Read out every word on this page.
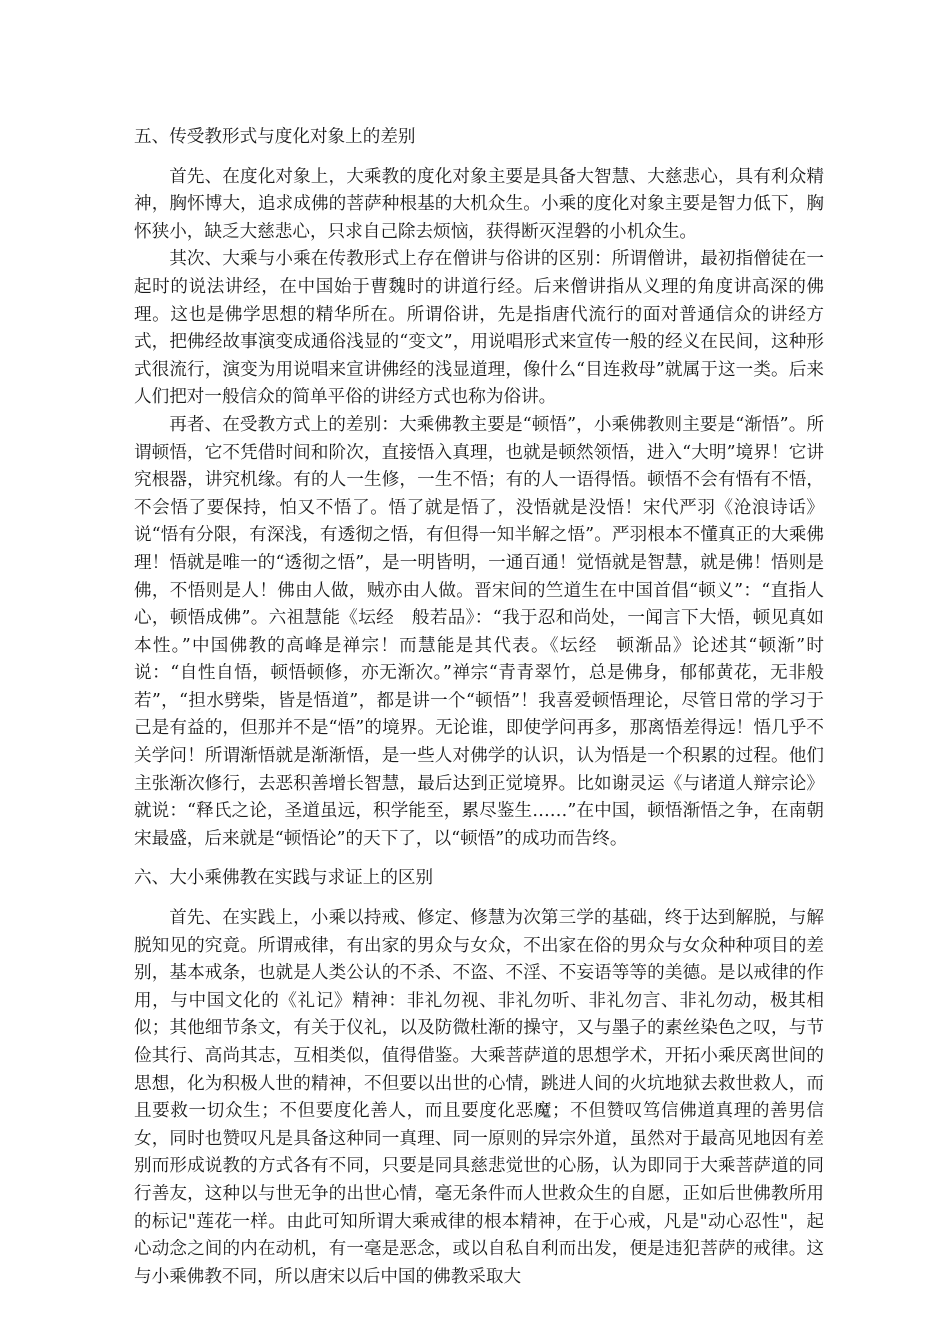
五、传受教形式与度化对象上的差别

首先、在度化对象上，大乘教的度化对象主要是具备大智慧、大慈悲心，具有利众精神，胸怀博大，追求成佛的菩萨种根基的大机众生。小乘的度化对象主要是智力低下，胸怀狭小，缺乏大慈悲心，只求自己除去烦恼，获得断灭涅磐的小机众生。

其次、大乘与小乘在传教形式上存在僧讲与俗讲的区别：所谓僧讲，最初指僧徒在一起时的说法讲经，在中国始于曹魏时的讲道行经。后来僧讲指从义理的角度讲高深的佛理。这也是佛学思想的精华所在。所谓俗讲，先是指唐代流行的面对普通信众的讲经方式，把佛经故事演变成通俗浅显的“变文”，用说唱形式来宣传一般的经义在民间，这种形式很流行，演变为用说唱来宣讲佛经的浅显道理，像什么“目连救母”就属于这一类。后来人们把对一般信众的简单平俗的讲经方式也称为俗讲。

再者、在受教方式上的差别：大乘佛教主要是“顿悟”，小乘佛教则主要是“渐悟”。所谓顿悟，它不凭借时间和阶次，直接悟入真理，也就是顿然领悟，进入“大明”境界！它讲究根器，讲究机缘。有的人一生修，一生不悟；有的人一语得悟。顿悟不会有悟有不悟，不会悟了要保持，怕又不悟了。悟了就是悟了，没悟就是没悟！宋代严羽《沧浪诗话》说“悟有分限，有深浅，有透彻之悟，有但得一知半解之悟”。严羽根本不懂真正的大乘佛理！悟就是唯一的“透彻之悟”，是一明皆明，一通百通！觉悟就是智慧，就是佛！悟则是佛，不悟则是人！佛由人做，贼亦由人做。晋宋间的竺道生在中国首倡“顿义”：“直指人心，顿悟成佛”。六祖慧能《坛经　般若品》：“我于忍和尚处，一闻言下大悟，顿见真如本性。”中国佛教的高峰是禅宗！而慧能是其代表。《坛经　顿渐品》论述其“顿渐”时说：“自性自悟，顿悟顿修，亦无渐次。”禅宗“青青翠竹，总是佛身，郁郁黄花，无非般若”，“担水劈柴，皆是悟道”，都是讲一个“顿悟”！我喜爱顿悟理论，尽管日常的学习于己是有益的，但那并不是“悟”的境界。无论谁，即使学问再多，那离悟差得远！悟几乎不关学问！所谓渐悟就是渐渐悟，是一些人对佛学的认识，认为悟是一个积累的过程。他们主张渐次修行，去恶积善增长智慧，最后达到正觉境界。比如谢灵运《与诸道人辩宗论》就说：“释氏之论，圣道虽远，积学能至，累尽鉴生……”在中国，顿悟渐悟之争，在南朝宋最盛，后来就是“顿悟论”的天下了，以“顿悟”的成功而告终。

六、大小乘佛教在实践与求证上的区别

首先、在实践上，小乘以持戒、修定、修慧为次第三学的基础，终于达到解脱，与解脱知见的究竟。所谓戒律，有出家的男众与女众，不出家在俗的男众与女众种种项目的差别，基本戒条，也就是人类公认的不杀、不盗、不淫、不妄语等等的美德。是以戒律的作用，与中国文化的《礼记》精神：非礼勿视、非礼勿听、非礼勿言、非礼勿动，极其相似；其他细节条文，有关于仪礼，以及防微杜渐的操守，又与墨子的素丝染色之叹，与节俭其行、高尚其志，互相类似，值得借鉴。大乘菩萨道的思想学术，开拓小乘厌离世间的思想，化为积极人世的精神，不但要以出世的心情，跳进人间的火坑地狱去救世救人，而且要救一切众生；不但要度化善人，而且要度化恶魔；不但赞叹笃信佛道真理的善男信女，同时也赞叹凡是具备这种同一真理、同一原则的异宗外道，虽然对于最高见地因有差别而形成说教的方式各有不同，只要是同具慈悲觉世的心肠，认为即同于大乘菩萨道的同行善友，这种以与世无争的出世心情，毫无条件而人世救众生的自愿，正如后世佛教所用的标记"莲花一样。由此可知所谓大乘戒律的根本精神，在于心戒，凡是"动心忍性"，起心动念之间的内在动机，有一毫是恶念，或以自私自利而出发，便是违犯菩萨的戒律。这与小乘佛教不同，所以唐宋以后中国的佛教采取大
